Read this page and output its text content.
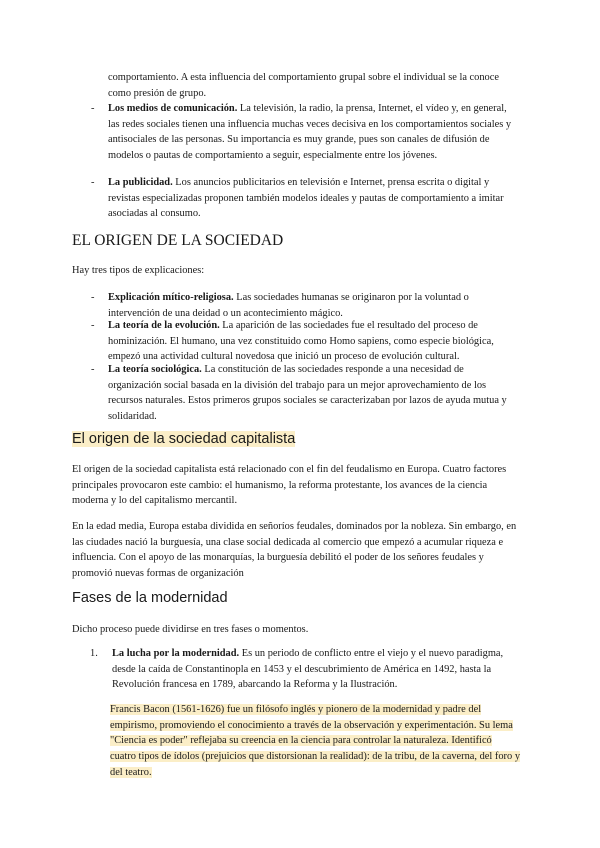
comportamiento. A esta influencia del comportamiento grupal sobre el individual se la conoce como presión de grupo.
- Los medios de comunicación. La televisión, la radio, la prensa, Internet, el vídeo y, en general, las redes sociales tienen una influencia muchas veces decisiva en los comportamientos sociales y antisociales de las personas. Su importancia es muy grande, pues son canales de difusión de modelos o pautas de comportamiento a seguir, especialmente entre los jóvenes.
- La publicidad. Los anuncios publicitarios en televisión e Internet, prensa escrita o digital y revistas especializadas proponen también modelos ideales y pautas de comportamiento a imitar asociadas al consumo.
EL ORIGEN DE LA SOCIEDAD
Hay tres tipos de explicaciones:
- Explicación mítico-religiosa. Las sociedades humanas se originaron por la voluntad o intervención de una deidad o un acontecimiento mágico.
- La teoría de la evolución. La aparición de las sociedades fue el resultado del proceso de hominización. El humano, una vez constituido como Homo sapiens, como especie biológica, empezó una actividad cultural novedosa que inició un proceso de evolución cultural.
- La teoría sociológica. La constitución de las sociedades responde a una necesidad de organización social basada en la división del trabajo para un mejor aprovechamiento de los recursos naturales. Estos primeros grupos sociales se caracterizaban por lazos de ayuda mutua y solidaridad.
El origen de la sociedad capitalista
El origen de la sociedad capitalista está relacionado con el fin del feudalismo en Europa. Cuatro factores principales provocaron este cambio: el humanismo, la reforma protestante, los avances de la ciencia moderna y lo del capitalismo mercantil.
En la edad media, Europa estaba dividida en señoríos feudales, dominados por la nobleza. Sin embargo, en las ciudades nació la burguesía, una clase social dedicada al comercio que empezó a acumular riqueza e influencia. Con el apoyo de las monarquías, la burguesía debilitó el poder de los señores feudales y promovió nuevas formas de organización
Fases de la modernidad
Dicho proceso puede dividirse en tres fases o momentos.
1. La lucha por la modernidad. Es un periodo de conflicto entre el viejo y el nuevo paradigma, desde la caída de Constantinopla en 1453 y el descubrimiento de América en 1492, hasta la Revolución francesa en 1789, abarcando la Reforma y la Ilustración.
Francis Bacon (1561-1626) fue un filósofo inglés y pionero de la modernidad y padre del empirismo, promoviendo el conocimiento a través de la observación y experimentación. Su lema "Ciencia es poder" reflejaba su creencia en la ciencia para controlar la naturaleza. Identificó cuatro tipos de ídolos (prejuicios que distorsionan la realidad): de la tribu, de la caverna, del foro y del teatro.
